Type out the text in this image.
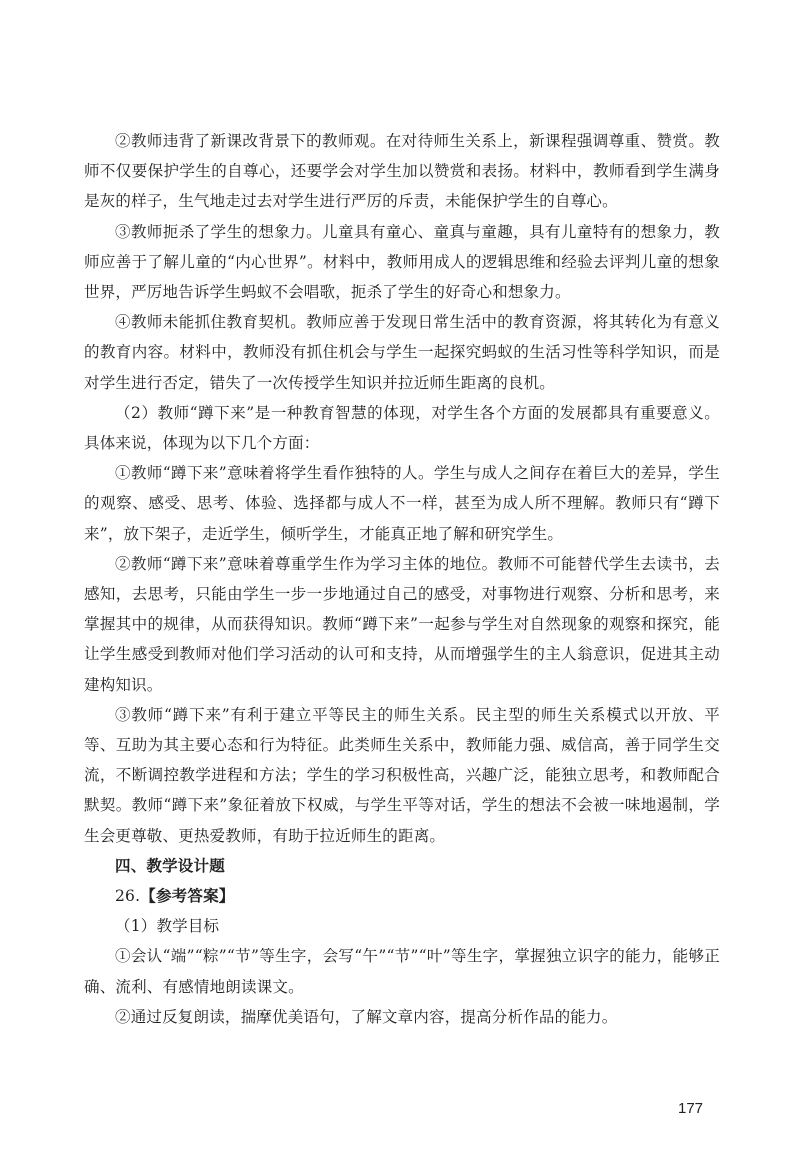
②教师违背了新课改背景下的教师观。在对待师生关系上，新课程强调尊重、赞赏。教师不仅要保护学生的自尊心，还要学会对学生加以赞赏和表扬。材料中，教师看到学生满身是灰的样子，生气地走过去对学生进行严厉的斥责，未能保护学生的自尊心。

③教师扼杀了学生的想象力。儿童具有童心、童真与童趣，具有儿童特有的想象力，教师应善于了解儿童的“内心世界”。材料中，教师用成人的逻辑思维和经验去评判儿童的想象世界，严厉地告诉学生蚂蚁不会唱歌，扼杀了学生的好奇心和想象力。

④教师未能抓住教育契机。教师应善于发现日常生活中的教育资源，将其转化为有意义的教育内容。材料中，教师没有抓住机会与学生一起探究蚂蚁的生活习性等科学知识，而是对学生进行否定，错失了一次传授学生知识并拉近师生距离的良机。

（2）教师“蹲下来”是一种教育智慧的体现，对学生各个方面的发展都具有重要意义。具体来说，体现为以下几个方面：

①教师“蹲下来”意味着将学生看作独特的人。学生与成人之间存在着巨大的差异，学生的观察、感受、思考、体验、选择都与成人不一样，甚至为成人所不理解。教师只有“蹲下来”，放下架子，走近学生，倾听学生，才能真正地了解和研究学生。

②教师“蹲下来”意味着尊重学生作为学习主体的地位。教师不可能替代学生去读书，去感知，去思考，只能由学生一步一步地通过自己的感受，对事物进行观察、分析和思考，来掌握其中的规律，从而获得知识。教师“蹲下来”一起参与学生对自然现象的观察和探究，能让学生感受到教师对他们学习活动的认可和支持，从而增强学生的主人翁意识，促进其主动建构知识。

③教师“蹲下来”有利于建立平等民主的师生关系。民主型的师生关系模式以开放、平等、互助为其主要心态和行为特征。此类师生关系中，教师能力强、威信高，善于同学生交流，不断调控教学进程和方法；学生的学习积极性高，兴趣广泛，能独立思考，和教师配合默契。教师“蹲下来”象征着放下权威，与学生平等对话，学生的想法不会被一味地遏制，学生会更尊敬、更热爱教师，有助于拉近师生的距离。

四、教学设计题

26.【参考答案】

（1）教学目标

①会认“端”“粽”“节”等生字，会写“午”“节”“叶”等生字，掌握独立识字的能力，能够正确、流利、有感情地朗读课文。

②通过反复朗读，揣摩优美语句，了解文章内容，提高分析作品的能力。

177
